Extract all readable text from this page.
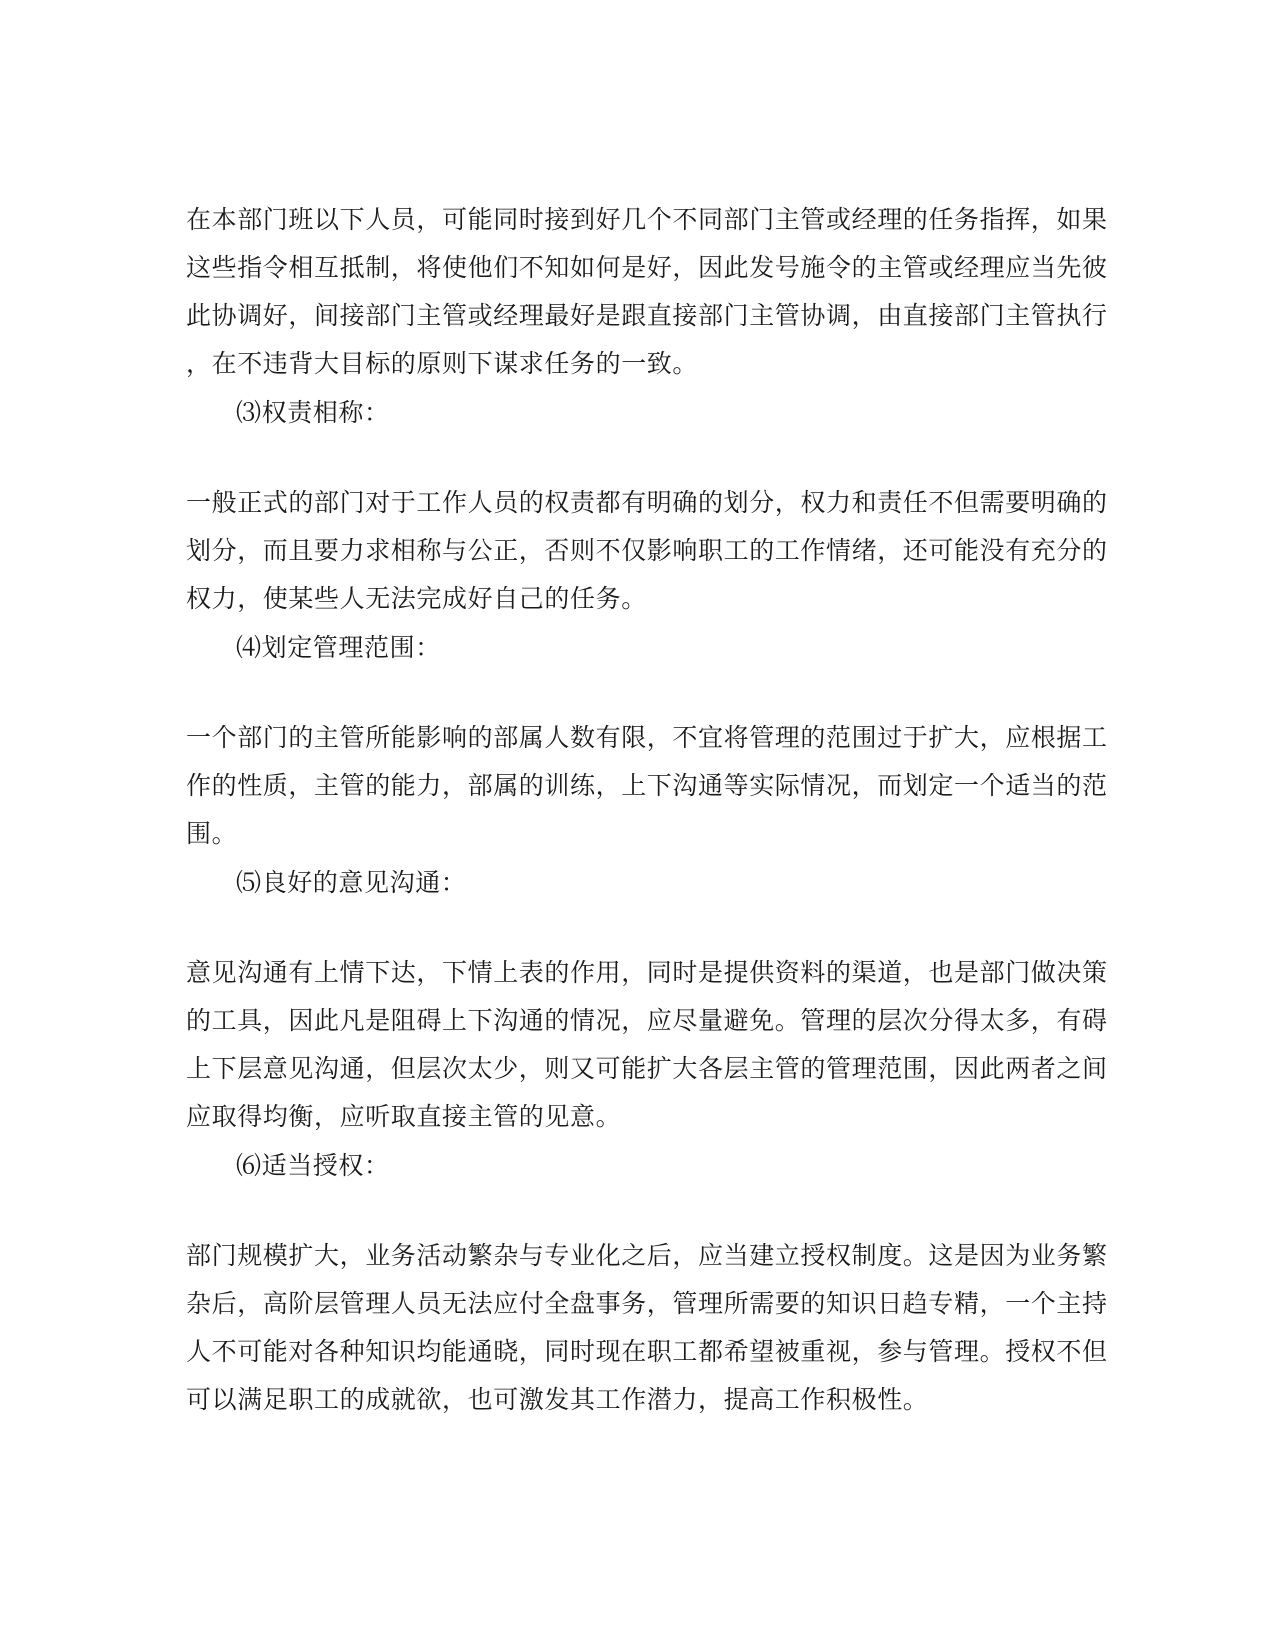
在本部门班以下人员，可能同时接到好几个不同部门主管或经理的任务指挥，如果
这些指令相互抵制，将使他们不知如何是好，因此发号施令的主管或经理应当先彼
此协调好，间接部门主管或经理最好是跟直接部门主管协调，由直接部门主管执行
，在不违背大目标的原则下谋求任务的一致。
⑶权责相称：
一般正式的部门对于工作人员的权责都有明确的划分，权力和责任不但需要明确的
划分，而且要力求相称与公正，否则不仅影响职工的工作情绪，还可能没有充分的
权力，使某些人无法完成好自己的任务。
⑷划定管理范围：
一个部门的主管所能影响的部属人数有限，不宜将管理的范围过于扩大，应根据工
作的性质，主管的能力，部属的训练，上下沟通等实际情况，而划定一个适当的范
围。
⑸良好的意见沟通：
意见沟通有上情下达，下情上表的作用，同时是提供资料的渠道，也是部门做决策
的工具，因此凡是阻碍上下沟通的情况，应尽量避免。管理的层次分得太多，有碍
上下层意见沟通，但层次太少，则又可能扩大各层主管的管理范围，因此两者之间
应取得均衡，应听取直接主管的见意。
⑹适当授权：
部门规模扩大，业务活动繁杂与专业化之后，应当建立授权制度。这是因为业务繁
杂后，高阶层管理人员无法应付全盘事务，管理所需要的知识日趋专精，一个主持
人不可能对各种知识均能通晓，同时现在职工都希望被重视，参与管理。授权不但
可以满足职工的成就欲，也可激发其工作潜力，提高工作积极性。
